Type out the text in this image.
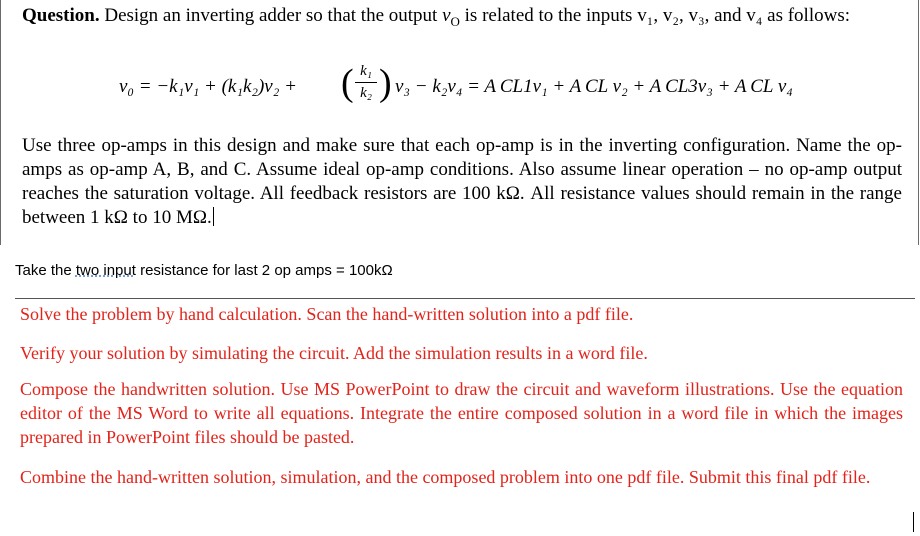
Question. Design an inverting adder so that the output $v_O$ is related to the inputs v₁, v₂, v₃, and v₄ as follows:
v₀ = −k₁v₁ + (k₁k₂)v₂ + ( k₁
k₂ ) v₃ − k₂v₄ = A CL1v₁ + A CL v₂ + A CL3v₃ + A CL v₄
Use three op-amps in this design and make sure that each op-amp is in the inverting configuration. Name the op-amps as op-amp A, B, and C. Assume ideal op-amp conditions. Also assume linear operation – no op-amp output reaches the saturation voltage. All feedback resistors are 100 kΩ. All resistance values should remain in the range between 1 kΩ to 10 MΩ.
Take the two input resistance for last 2 op amps = 100kΩ
Solve the problem by hand calculation. Scan the hand-written solution into a pdf file.
Verify your solution by simulating the circuit. Add the simulation results in a word file.
Compose the handwritten solution. Use MS PowerPoint to draw the circuit and waveform illustrations. Use the equation editor of the MS Word to write all equations. Integrate the entire composed solution in a word file in which the images prepared in PowerPoint files should be pasted.
Combine the hand-written solution, simulation, and the composed problem into one pdf file. Submit this final pdf file.
